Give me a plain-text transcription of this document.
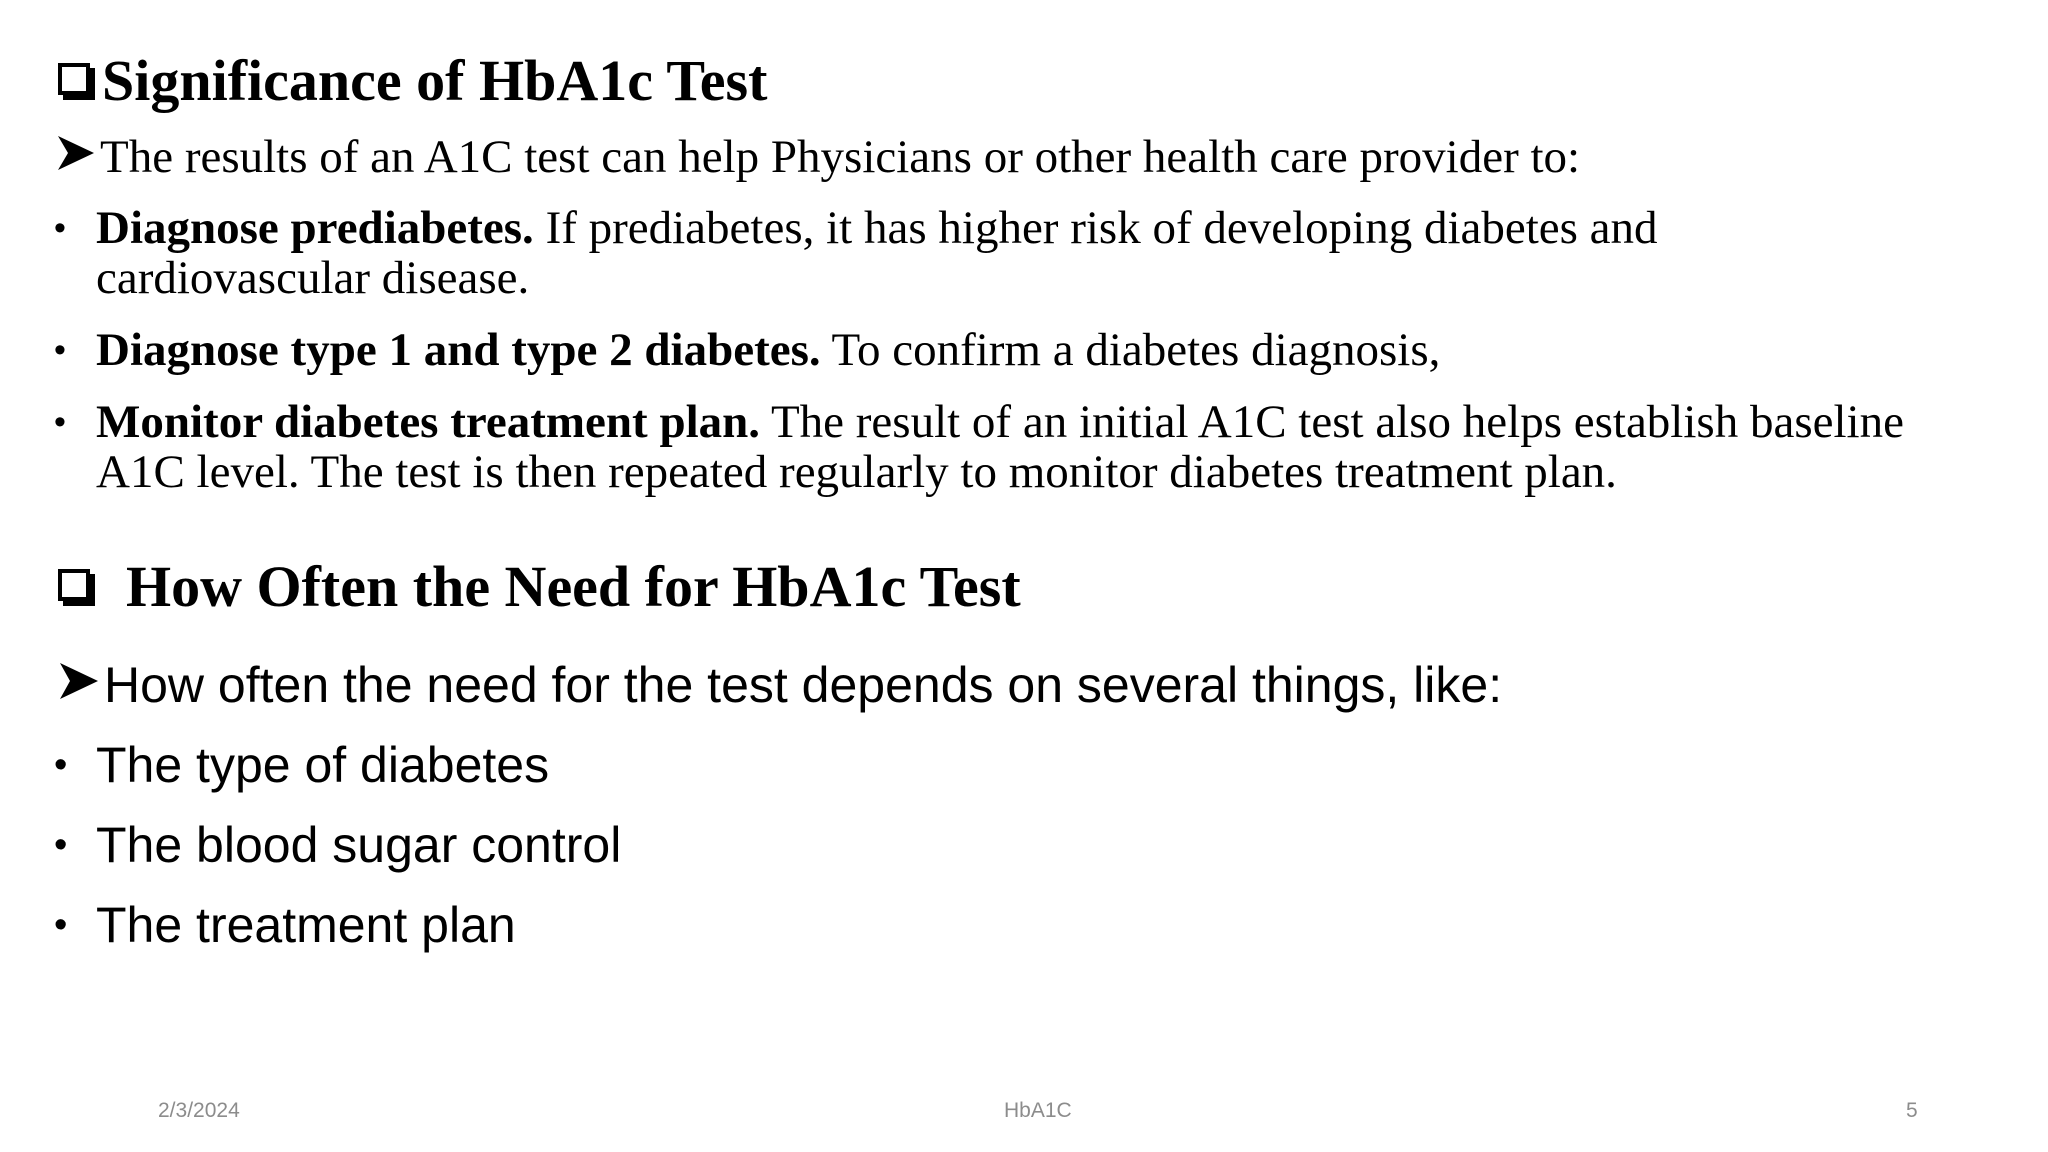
Significance of HbA1c Test
The results of an A1C test can help Physicians or other health care provider to:
• Diagnose prediabetes. If prediabetes, it has higher risk of developing diabetes and cardiovascular disease.
• Diagnose type 1 and type 2 diabetes. To confirm a diabetes diagnosis,
• Monitor diabetes treatment plan. The result of an initial A1C test also helps establish baseline A1C level. The test is then repeated regularly to monitor diabetes treatment plan.
How Often the Need for HbA1c Test
How often the need for the test depends on several things, like:
• The type of diabetes
• The blood sugar control
• The treatment plan
2/3/2024	HbA1C	5
